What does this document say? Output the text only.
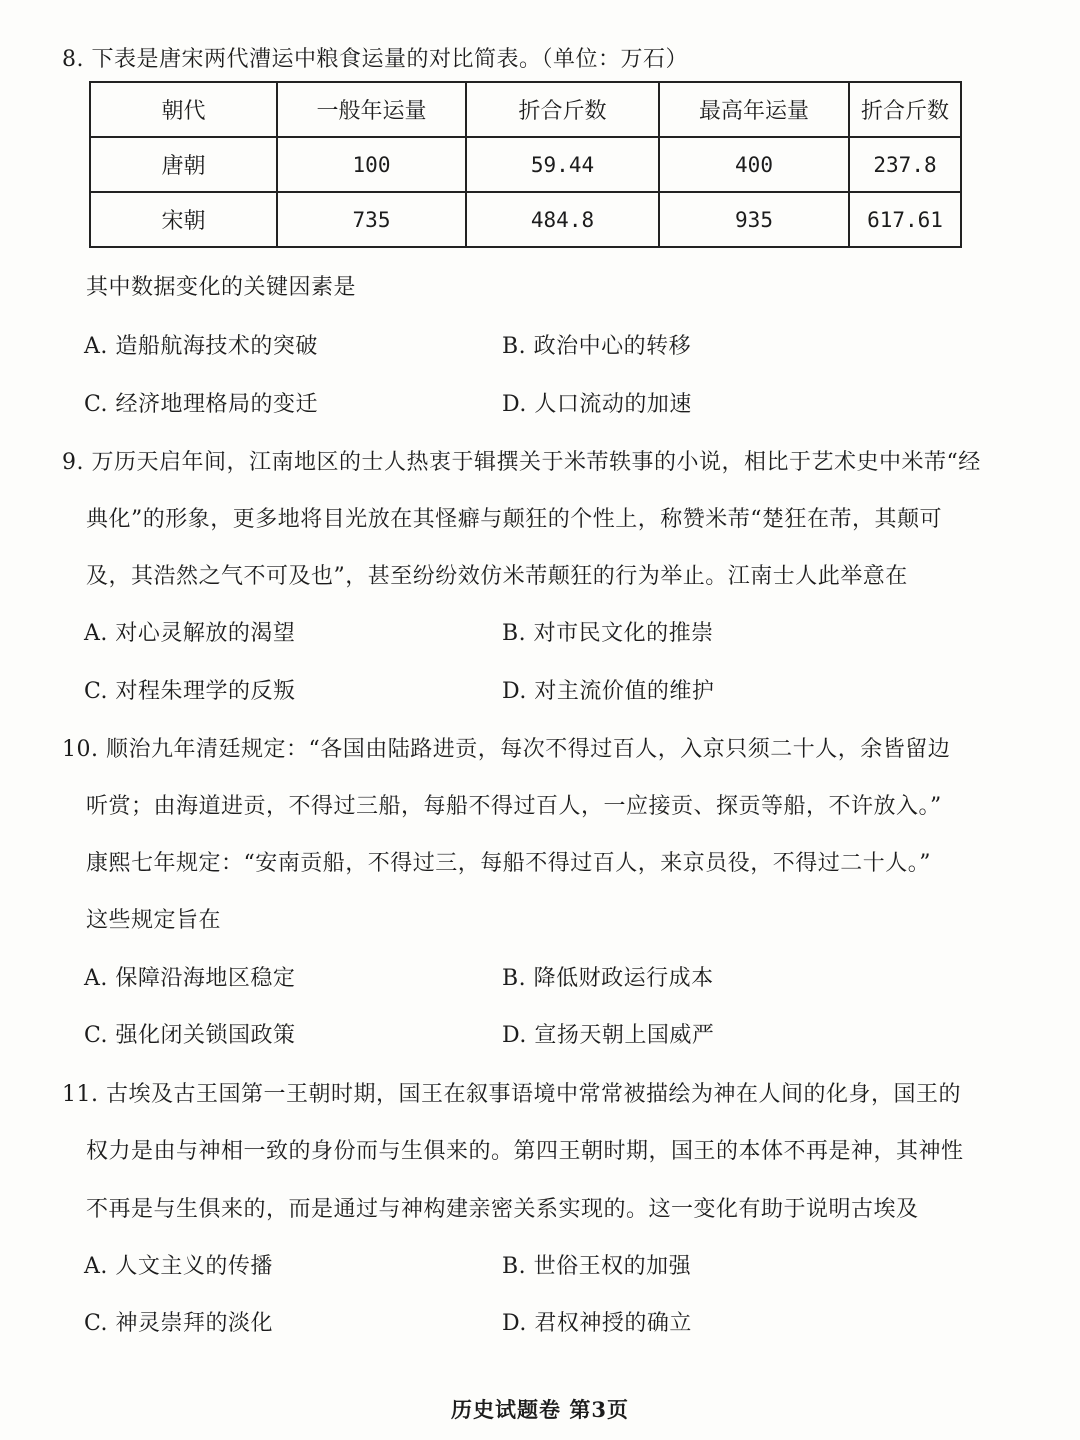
8. 下表是唐宋两代漕运中粮食运量的对比简表。（单位：万石）
朝代	一般年运量	折合斤数	最高年运量	折合斤数
唐朝	100	59.44	400	237.8
宋朝	735	484.8	935	617.61
其中数据变化的关键因素是
A. 造船航海技术的突破	B. 政治中心的转移
C. 经济地理格局的变迁	D. 人口流动的加速
9. 万历天启年间，江南地区的士人热衷于辑撰关于米芾轶事的小说，相比于艺术史中米芾“经
典化”的形象，更多地将目光放在其怪癖与颠狂的个性上，称赞米芾“楚狂在芾，其颠可
及，其浩然之气不可及也”，甚至纷纷效仿米芾颠狂的行为举止。江南士人此举意在
A. 对心灵解放的渴望	B. 对市民文化的推崇
C. 对程朱理学的反叛	D. 对主流价值的维护
10. 顺治九年清廷规定：“各国由陆路进贡，每次不得过百人，入京只须二十人，余皆留边
听赏；由海道进贡，不得过三船，每船不得过百人，一应接贡、探贡等船，不许放入。”
康熙七年规定：“安南贡船，不得过三，每船不得过百人，来京员役，不得过二十人。”
这些规定旨在
A. 保障沿海地区稳定	B. 降低财政运行成本
C. 强化闭关锁国政策	D. 宣扬天朝上国威严
11. 古埃及古王国第一王朝时期，国王在叙事语境中常常被描绘为神在人间的化身，国王的
权力是由与神相一致的身份而与生俱来的。第四王朝时期，国王的本体不再是神，其神性
不再是与生俱来的，而是通过与神构建亲密关系实现的。这一变化有助于说明古埃及
A. 人文主义的传播	B. 世俗王权的加强
C. 神灵崇拜的淡化	D. 君权神授的确立
历史试题卷 第3页
